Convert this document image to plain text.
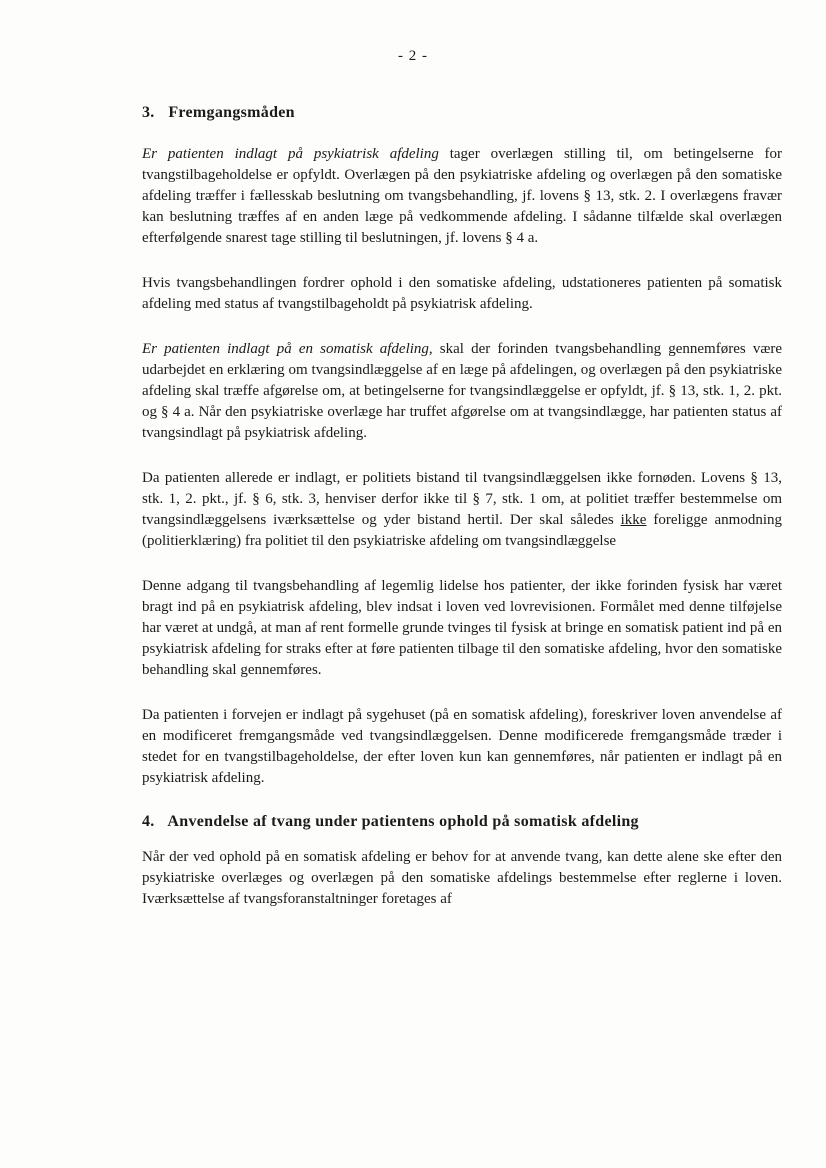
- 2 -
3. Fremgangsmåden

Er patienten indlagt på psykiatrisk afdeling tager overlægen stilling til, om betingelserne for tvangstilbageholdelse er opfyldt. Overlægen på den psykiatriske afdeling og overlægen på den somatiske afdeling træffer i fællesskab beslutning om tvangsbehandling, jf. lovens § 13, stk. 2. I overlægens fravær kan beslutning træffes af en anden læge på vedkommende afdeling. I sådanne tilfælde skal overlægen efterfølgende snarest tage stilling til beslutningen, jf. lovens § 4 a.

Hvis tvangsbehandlingen fordrer ophold i den somatiske afdeling, udstationeres patienten på somatisk afdeling med status af tvangstilbageholdt på psykiatrisk afdeling.

Er patienten indlagt på en somatisk afdeling, skal der forinden tvangsbehandling gennemføres være udarbejdet en erklæring om tvangsindlæggelse af en læge på afdelingen, og overlægen på den psykiatriske afdeling skal træffe afgørelse om, at betingelserne for tvangsindlæggelse er opfyldt, jf. § 13, stk. 1, 2. pkt. og § 4 a. Når den psykiatriske overlæge har truffet afgørelse om at tvangsindlægge, har patienten status af tvangsindlagt på psykiatrisk afdeling.

Da patienten allerede er indlagt, er politiets bistand til tvangsindlæggelsen ikke fornøden. Lovens § 13, stk. 1, 2. pkt., jf. § 6, stk. 3, henviser derfor ikke til § 7, stk. 1 om, at politiet træffer bestemmelse om tvangsindlæggelsens iværksættelse og yder bistand hertil. Der skal således ikke foreligge anmodning (politierklæring) fra politiet til den psykiatriske afdeling om tvangsindlæggelse

Denne adgang til tvangsbehandling af legemlig lidelse hos patienter, der ikke forinden fysisk har været bragt ind på en psykiatrisk afdeling, blev indsat i loven ved lovrevisionen. Formålet med denne tilføjelse har været at undgå, at man af rent formelle grunde tvinges til fysisk at bringe en somatisk patient ind på en psykiatrisk afdeling for straks efter at føre patienten tilbage til den somatiske afdeling, hvor den somatiske behandling skal gennemføres.

Da patienten i forvejen er indlagt på sygehuset (på en somatisk afdeling), foreskriver loven anvendelse af en modificeret fremgangsmåde ved tvangsindlæggelsen. Denne modificerede fremgangsmåde træder i stedet for en tvangstilbageholdelse, der efter loven kun kan gennemføres, når patienten er indlagt på en psykiatrisk afdeling.

4. Anvendelse af tvang under patientens ophold på somatisk afdeling

Når der ved ophold på en somatisk afdeling er behov for at anvende tvang, kan dette alene ske efter den psykiatriske overlæges og overlægen på den somatiske afdelings bestemmelse efter reglerne i loven. Iværksættelse af tvangsforanstaltninger foretages af
